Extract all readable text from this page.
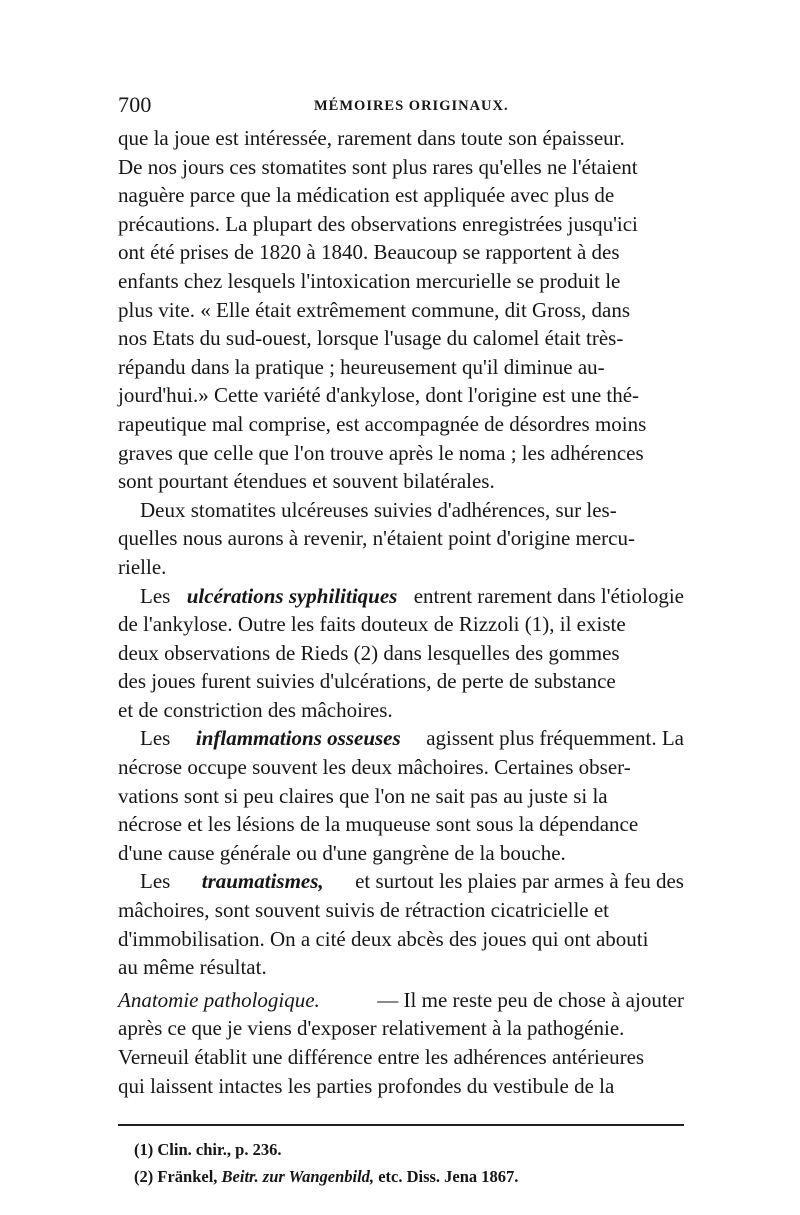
700	MÉMOIRES ORIGINAUX.
que la joue est intéressée, rarement dans toute son épaisseur.
De nos jours ces stomatites sont plus rares qu'elles ne l'étaient
naguère parce que la médication est appliquée avec plus de
précautions. La plupart des observations enregistrées jusqu'ici
ont été prises de 1820 à 1840. Beaucoup se rapportent à des
enfants chez lesquels l'intoxication mercurielle se produit le
plus vite. « Elle était extrêmement commune, dit Gross, dans
nos Etats du sud-ouest, lorsque l'usage du calomel était très-
répandu dans la pratique ; heureusement qu'il diminue au-
jourd'hui.» Cette variété d'ankylose, dont l'origine est une thé-
rapeutique mal comprise, est accompagnée de désordres moins
graves que celle que l'on trouve après le noma ; les adhérences
sont pourtant étendues et souvent bilatérales.
Deux stomatites ulcéreuses suivies d'adhérences, sur les-
quelles nous aurons à revenir, n'étaient point d'origine mercu-
rielle.
Les ulcérations syphilitiques entrent rarement dans l'étiologie
de l'ankylose. Outre les faits douteux de Rizzoli (1), il existe
deux observations de Rieds (2) dans lesquelles des gommes
des joues furent suivies d'ulcérations, de perte de substance
et de constriction des mâchoires.
Les inflammations osseuses agissent plus fréquemment. La
nécrose occupe souvent les deux mâchoires. Certaines obser-
vations sont si peu claires que l'on ne sait pas au juste si la
nécrose et les lésions de la muqueuse sont sous la dépendance
d'une cause générale ou d'une gangrène de la bouche.
Les traumatismes, et surtout les plaies par armes à feu des
mâchoires, sont souvent suivis de rétraction cicatricielle et
d'immobilisation. On a cité deux abcès des joues qui ont abouti
au même résultat.
Anatomie pathologique.	— Il me reste peu de chose à ajouter
après ce que je viens d'exposer relativement à la pathogénie.
Verneuil établit une différence entre les adhérences antérieures
qui laissent intactes les parties profondes du vestibule de la
(1) Clin. chir., p. 236.
(2) Fränkel, Beitr. zur Wangenbild, etc. Diss. Jena 1867.
